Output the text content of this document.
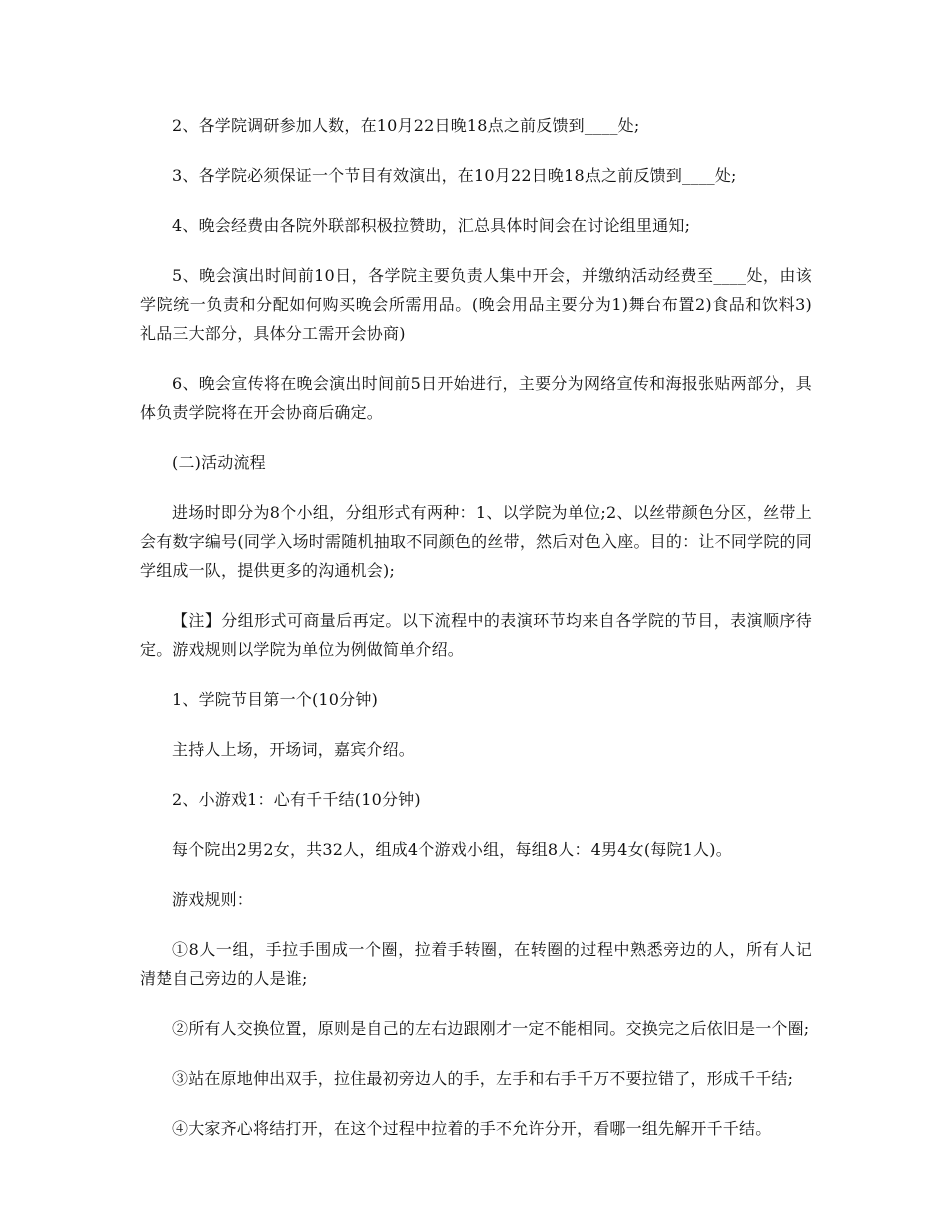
2、各学院调研参加人数，在10月22日晚18点之前反馈到____处;

3、各学院必须保证一个节目有效演出，在10月22日晚18点之前反馈到____处;

4、晚会经费由各院外联部积极拉赞助，汇总具体时间会在讨论组里通知;

5、晚会演出时间前10日，各学院主要负责人集中开会，并缴纳活动经费至____处，由该学院统一负责和分配如何购买晚会所需用品。(晚会用品主要分为1)舞台布置2)食品和饮料3)礼品三大部分，具体分工需开会协商)

6、晚会宣传将在晚会演出时间前5日开始进行，主要分为网络宣传和海报张贴两部分，具体负责学院将在开会协商后确定。

(二)活动流程

进场时即分为8个小组，分组形式有两种：1、以学院为单位;2、以丝带颜色分区，丝带上会有数字编号(同学入场时需随机抽取不同颜色的丝带，然后对色入座。目的：让不同学院的同学组成一队，提供更多的沟通机会);

【注】分组形式可商量后再定。以下流程中的表演环节均来自各学院的节目，表演顺序待定。游戏规则以学院为单位为例做简单介绍。

1、学院节目第一个(10分钟)

主持人上场，开场词，嘉宾介绍。

2、小游戏1：心有千千结(10分钟)

每个院出2男2女，共32人，组成4个游戏小组，每组8人：4男4女(每院1人)。

游戏规则：

①8人一组，手拉手围成一个圈，拉着手转圈，在转圈的过程中熟悉旁边的人，所有人记清楚自己旁边的人是谁;

②所有人交换位置，原则是自己的左右边跟刚才一定不能相同。交换完之后依旧是一个圈;

③站在原地伸出双手，拉住最初旁边人的手，左手和右手千万不要拉错了，形成千千结;

④大家齐心将结打开，在这个过程中拉着的手不允许分开，看哪一组先解开千千结。
